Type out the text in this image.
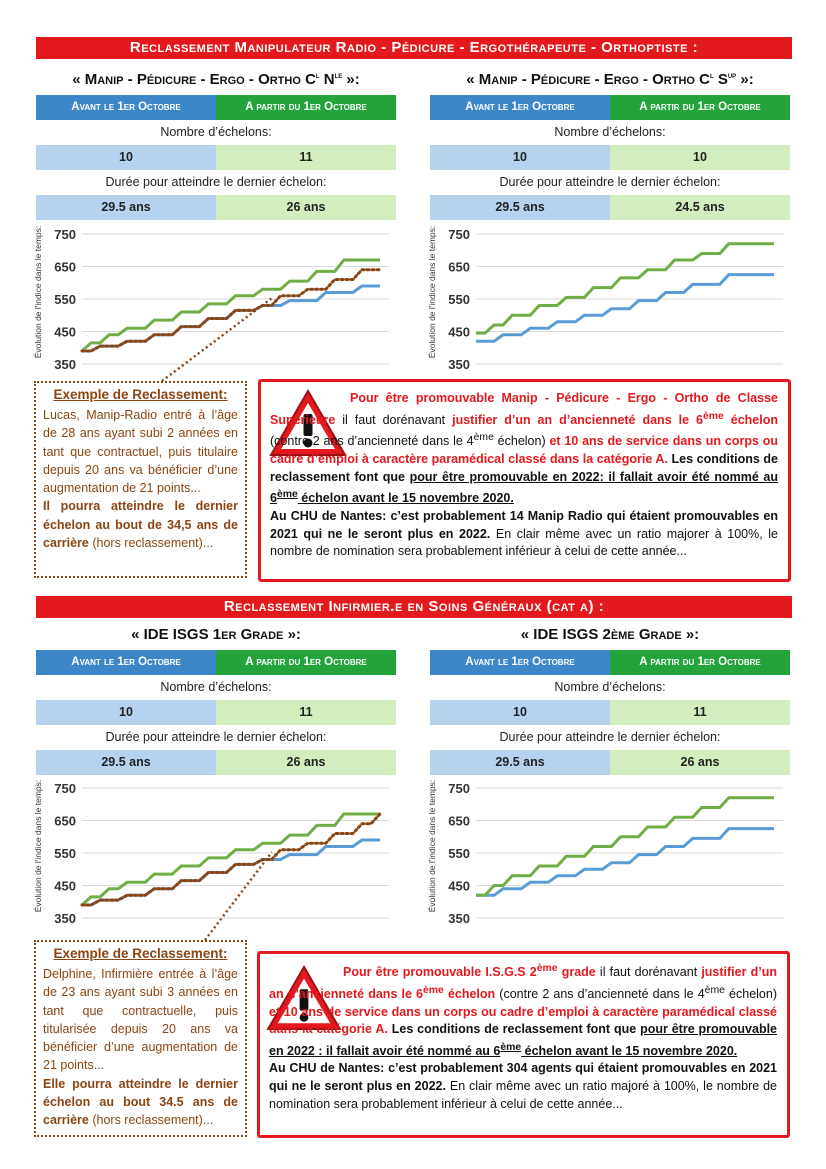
Reclassement Manipulateur Radio - Pédicure - Ergothérapeute - Orthoptiste :
« Manip - Pédicure - Ergo - Ortho $C^l$ $N^{le}$ »:	« Manip - Pédicure - Ergo - Ortho $C^l$ $S^{up}$ »:
Avant le 1er Octobre	A partir du 1er Octobre
Nombre d’échelons:
10	11
Durée pour atteindre le dernier échelon:
29.5 ans	26 ans
Avant le 1er Octobre	A partir du 1er Octobre
Nombre d’échelons:
10	10
Durée pour atteindre le dernier échelon:
29.5 ans	24.5 ans
Évolution de l'indice dans le temps:
350
450
550
650
750	Évolution de l'indice dans le temps:
350
450
550
650
750
Exemple de Reclassement:
Lucas, Manip-Radio entré à l’âge de 28 ans ayant subi 2 années en tant que contractuel, puis titulaire depuis 20 ans va bénéficier d’une augmentation de 21 points...
Il pourra atteindre le dernier échelon au bout de 34,5 ans de carrière (hors reclassement)...
Pour être promouvable Manip - Pédicure - Ergo - Ortho de Classe Supérieure il faut dorénavant justifier d’un an d’ancienneté dans le 6ème échelon (contre 2 ans d’ancienneté dans le 4ème échelon) et 10 ans de service dans un corps ou cadre d’emploi à caractère paramédical classé dans la catégorie A. Les conditions de reclassement font que pour être promouvable en 2022: il fallait avoir été nommé au 6ème échelon avant le 15 novembre 2020.
Au CHU de Nantes: c’est probablement 14 Manip Radio qui étaient promouvables en 2021 qui ne le seront plus en 2022. En clair même avec un ratio majorer à 100%, le nombre de nomination sera probablement inférieur à celui de cette année...
Reclassement Infirmier.e en Soins Généraux (cat a) :
« IDE ISGS 1er Grade »:	« IDE ISGS 2ème Grade »:
Avant le 1er Octobre	A partir du 1er Octobre
Nombre d’échelons:
10	11
Durée pour atteindre le dernier échelon:
29.5 ans	26 ans
Avant le 1er Octobre	A partir du 1er Octobre
Nombre d’échelons:
10	11
Durée pour atteindre le dernier échelon:
29.5 ans	26 ans
Évolution de l'indice dans le temps:
350
450
550
650
750	Évolution de l'indice dans le temps:
350
450
550
650
750
Exemple de Reclassement:
Delphine, Infirmière entrée à l’âge de 23 ans ayant subi 3 années en tant que contractuelle, puis titularisée depuis 20 ans va bénéficier d’une augmentation de 21 points...
Elle pourra atteindre le dernier échelon au bout 34.5 ans de carrière (hors reclassement)...
Pour être promouvable I.S.G.S 2ème grade il faut dorénavant justifier d’un an d’ancienneté dans le 6ème échelon (contre 2 ans d’ancienneté dans le 4ème échelon) et 10 ans de service dans un corps ou cadre d’emploi à caractère paramédical classé dans la catégorie A. Les conditions de reclassement font que pour être promouvable en 2022 : il fallait avoir été nommé au 6ème échelon avant le 15 novembre 2020.
Au CHU de Nantes: c’est probablement 304 agents qui étaient promouvables en 2021 qui ne le seront plus en 2022. En clair même avec un ratio majoré à 100%, le nombre de nomination sera probablement inférieur à celui de cette année...
